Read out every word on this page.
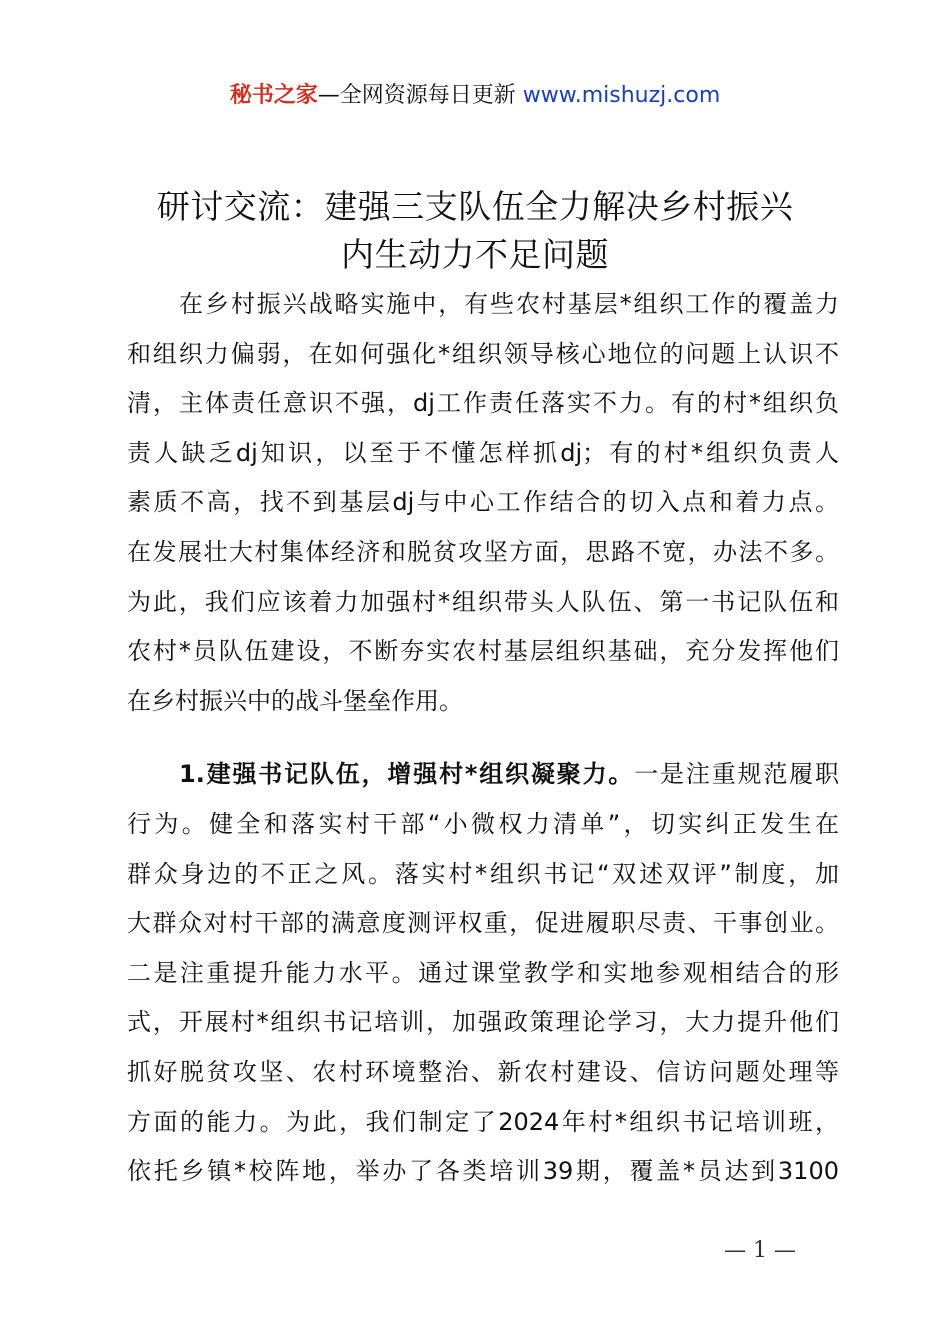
秘书之家—全网资源每日更新 www.mishuzj.com
研讨交流：建强三支队伍全力解决乡村振兴
内生动力不足问题
在乡村振兴战略实施中，有些农村基层*组织工作的覆盖力
和组织力偏弱，在如何强化*组织领导核心地位的问题上认识不
清，主体责任意识不强，dj工作责任落实不力。有的村*组织负
责人缺乏dj知识，以至于不懂怎样抓dj；有的村*组织负责人
素质不高，找不到基层dj与中心工作结合的切入点和着力点。
在发展壮大村集体经济和脱贫攻坚方面，思路不宽，办法不多。
为此，我们应该着力加强村*组织带头人队伍、第一书记队伍和
农村*员队伍建设，不断夯实农村基层组织基础，充分发挥他们
在乡村振兴中的战斗堡垒作用。
1.建强书记队伍，增强村*组织凝聚力。一是注重规范履职
行为。健全和落实村干部“小微权力清单”，切实纠正发生在
群众身边的不正之风。落实村*组织书记“双述双评”制度，加
大群众对村干部的满意度测评权重，促进履职尽责、干事创业。
二是注重提升能力水平。通过课堂教学和实地参观相结合的形
式，开展村*组织书记培训，加强政策理论学习，大力提升他们
抓好脱贫攻坚、农村环境整治、新农村建设、信访问题处理等
方面的能力。为此，我们制定了2024年村*组织书记培训班，
依托乡镇*校阵地，举办了各类培训39期，覆盖*员达到3100
— 1 —
